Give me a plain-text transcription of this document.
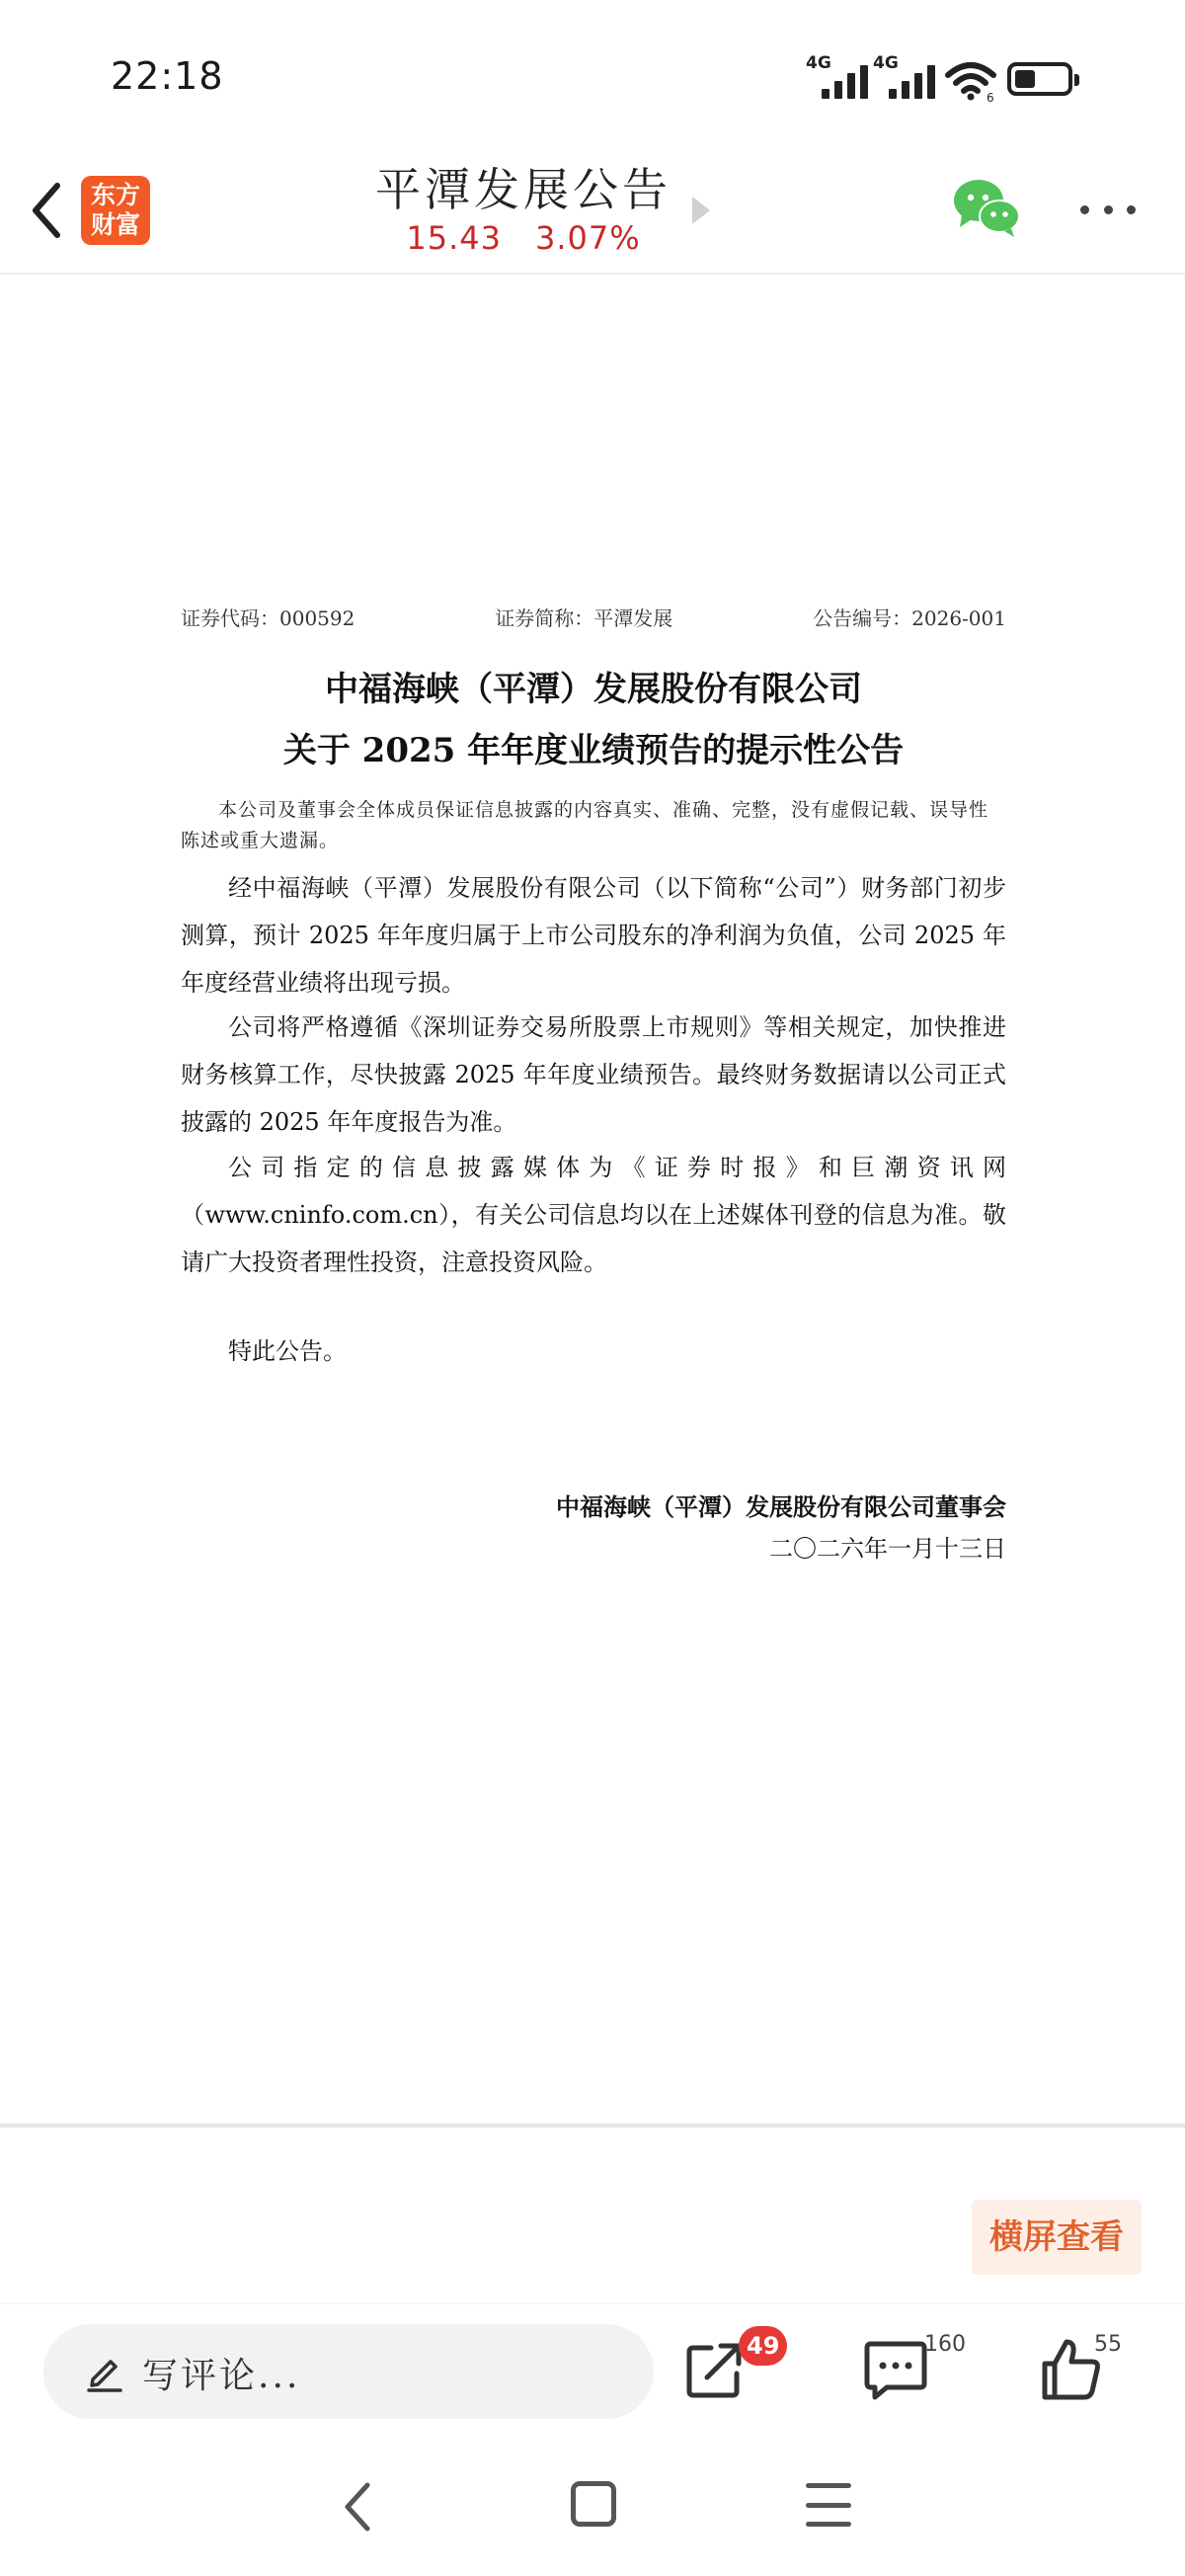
22:18	4G 4G
6
东方
财富
平潭发展公告
15.43 3.07%
证券代码：000592	证券简称：平潭发展	公告编号：2026-001
中福海峡（平潭）发展股份有限公司
关于 2025 年年度业绩预告的提示性公告
本公司及董事会全体成员保证信息披露的内容真实、准确、完整，没有虚假记载、误导性陈述或重大遗漏。
经中福海峡（平潭）发展股份有限公司（以下简称“公司”）财务部门初步测算，预计 2025 年年度归属于上市公司股东的净利润为负值，公司 2025 年年度经营业绩将出现亏损。
公司将严格遵循《深圳证券交易所股票上市规则》等相关规定，加快推进财务核算工作，尽快披露 2025 年年度业绩预告。最终财务数据请以公司正式披露的 2025 年年度报告为准。
公司指定的信息披露媒体为《证券时报》和巨潮资讯网（www.cninfo.com.cn），有关公司信息均以在上述媒体刊登的信息为准。敬请广大投资者理性投资，注意投资风险。
特此公告。
中福海峡（平潭）发展股份有限公司董事会
二〇二六年一月十三日
横屏查看
写评论...
49	160	55
